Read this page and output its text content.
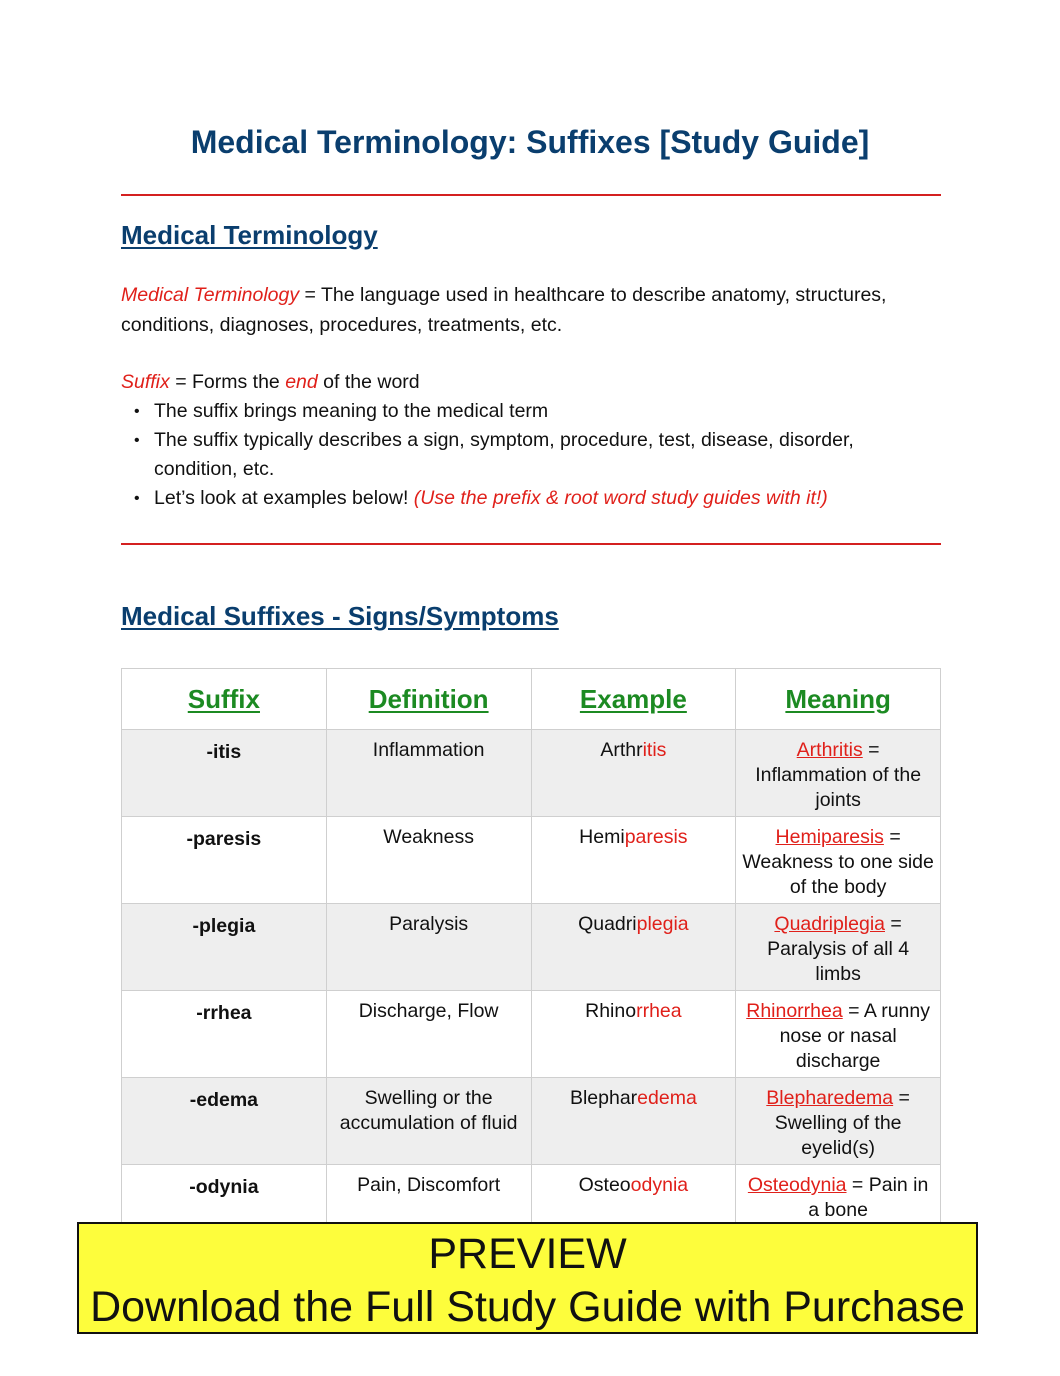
Medical Terminology: Suffixes [Study Guide]
Medical Terminology
Medical Terminology = The language used in healthcare to describe anatomy, structures, conditions, diagnoses, procedures, treatments, etc.
Suffix = Forms the end of the word
• The suffix brings meaning to the medical term
• The suffix typically describes a sign, symptom, procedure, test, disease, disorder, condition, etc.
• Let’s look at examples below! (Use the prefix & root word study guides with it!)
Medical Suffixes - Signs/Symptoms
Suffix	Definition	Example	Meaning
-itis	Inflammation	Arthritis	Arthritis = Inflammation of the joints
-paresis	Weakness	Hemiparesis	Hemiparesis = Weakness to one side of the body
-plegia	Paralysis	Quadriplegia	Quadriplegia = Paralysis of all 4 limbs
-rrhea	Discharge, Flow	Rhinorrhea	Rhinorrhea = A runny nose or nasal discharge
-edema	Swelling or the accumulation of fluid	Blepharedema	Blepharedema = Swelling of the eyelid(s)
-odynia	Pain, Discomfort	Osteoodynia	Osteodynia = Pain in a bone
PREVIEW
Download the Full Study Guide with Purchase
